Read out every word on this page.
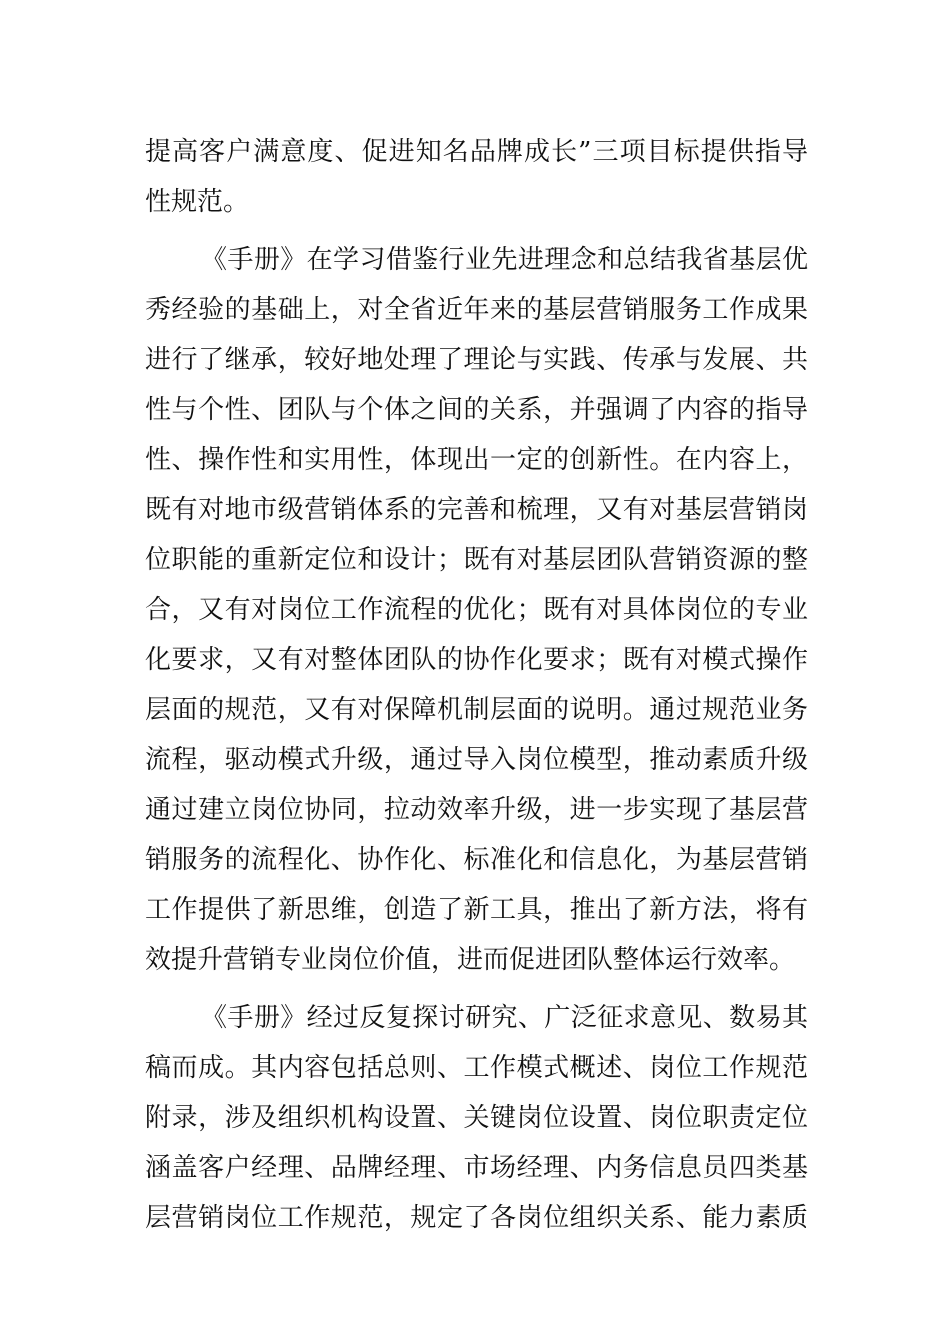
提高客户满意度、促进知名品牌成长”三项目标提供指导
性规范。
《手册》在学习借鉴行业先进理念和总结我省基层优
秀经验的基础上，对全省近年来的基层营销服务工作成果
进行了继承，较好地处理了理论与实践、传承与发展、共
性与个性、团队与个体之间的关系，并强调了内容的指导
性、操作性和实用性，体现出一定的创新性。在内容上，
既有对地市级营销体系的完善和梳理，又有对基层营销岗
位职能的重新定位和设计；既有对基层团队营销资源的整
合，又有对岗位工作流程的优化；既有对具体岗位的专业
化要求，又有对整体团队的协作化要求；既有对模式操作
层面的规范，又有对保障机制层面的说明。通过规范业务
流程，驱动模式升级，通过导入岗位模型，推动素质升级
通过建立岗位协同，拉动效率升级，进一步实现了基层营
销服务的流程化、协作化、标准化和信息化，为基层营销
工作提供了新思维，创造了新工具，推出了新方法，将有
效提升营销专业岗位价值，进而促进团队整体运行效率。
《手册》经过反复探讨研究、广泛征求意见、数易其
稿而成。其内容包括总则、工作模式概述、岗位工作规范
附录，涉及组织机构设置、关键岗位设置、岗位职责定位
涵盖客户经理、品牌经理、市场经理、内务信息员四类基
层营销岗位工作规范，规定了各岗位组织关系、能力素质
